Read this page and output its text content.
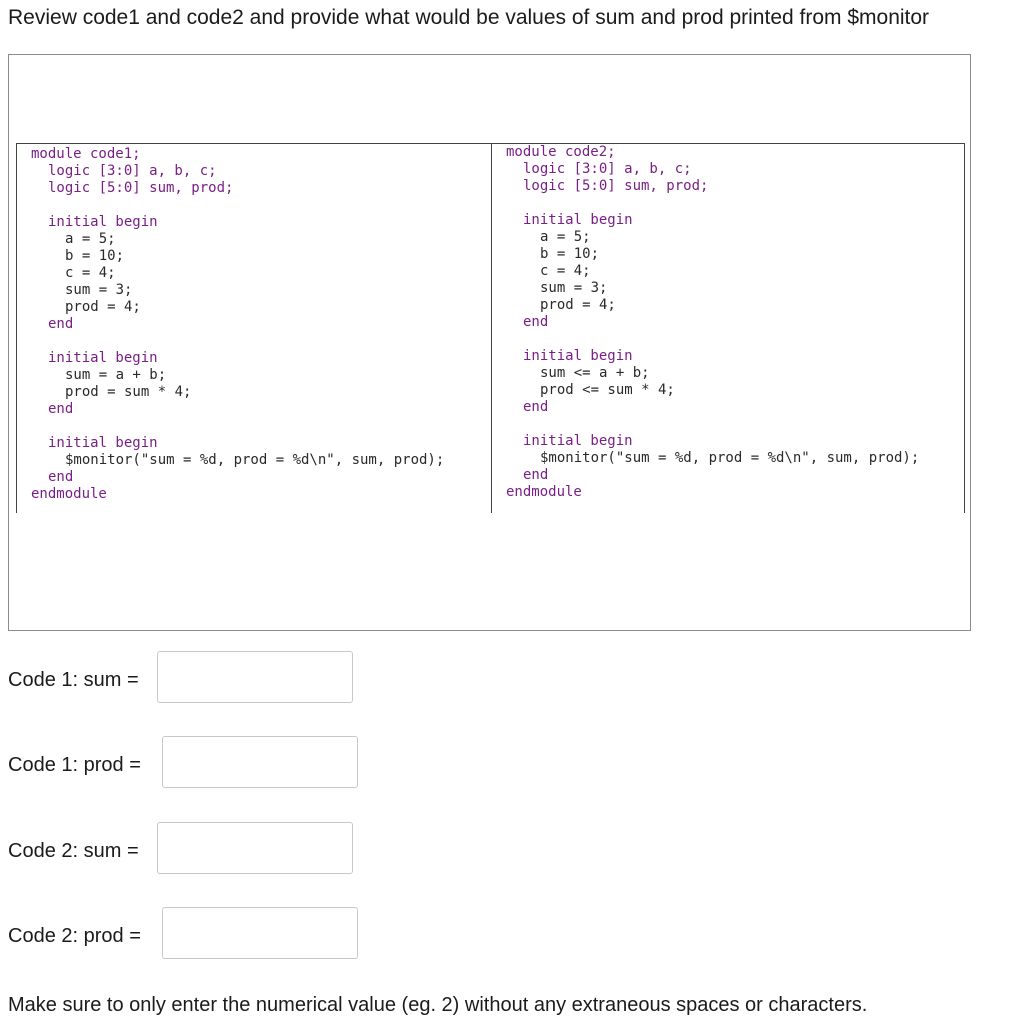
Review code1 and code2 and provide what would be values of sum and prod printed from $monitor
module code1;
logic [3:0] a, b, c;
logic [5:0] sum, prod;
initial begin
a = 5;
b = 10;
c = 4;
sum = 3;
prod = 4;
end
initial begin
sum = a + b;
prod = sum * 4;
end
initial begin
$monitor("sum = %d, prod = %d\n", sum, prod);
end
endmodule
module code2;
logic [3:0] a, b, c;
logic [5:0] sum, prod;
initial begin
a = 5;
b = 10;
c = 4;
sum = 3;
prod = 4;
end
initial begin
sum <= a + b;
prod <= sum * 4;
end
initial begin
$monitor("sum = %d, prod = %d\n", sum, prod);
end
endmodule
Code 1: sum =
Code 1: prod =
Code 2: sum =
Code 2: prod =
Make sure to only enter the numerical value (eg. 2) without any extraneous spaces or characters.
